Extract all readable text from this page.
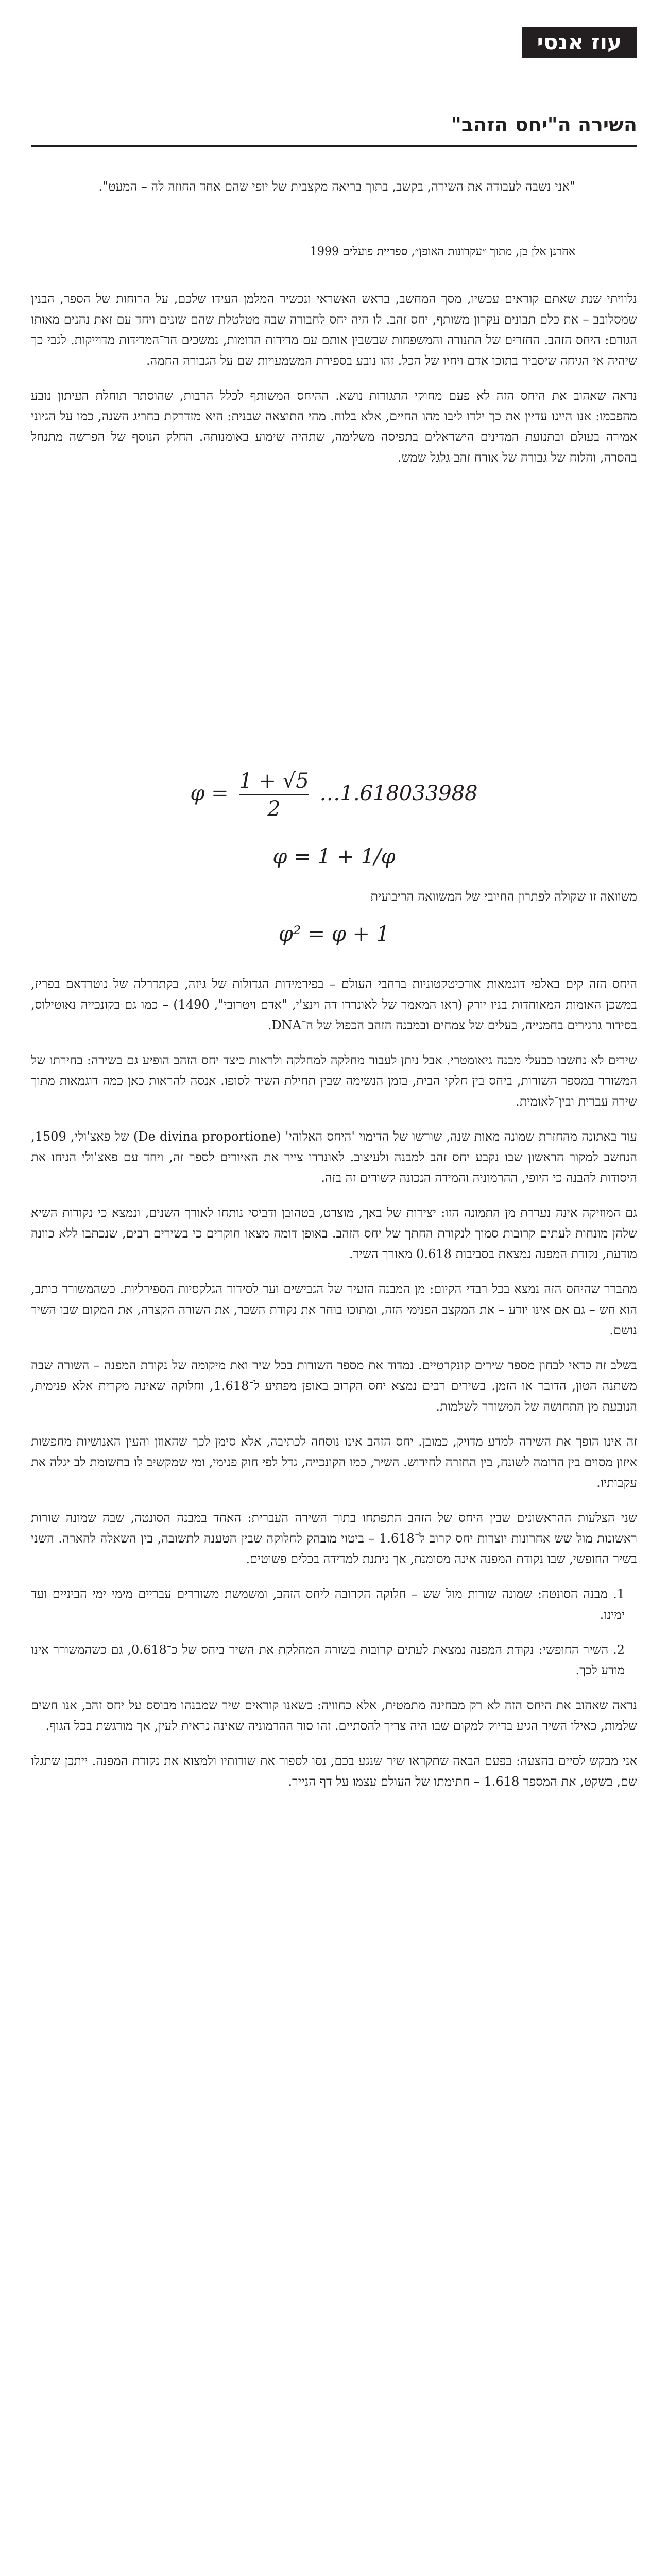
עוז אנסי
השירה ה"יחס הזהב"

"אני נשבה לעבודה את השירה, בקשב, בתוך בריאה מקצבית של יופי שהם אחד החוזה לה – המעט".

אהרנן אלן בן, מתוך ״עקרונות האופן״, ספריית פועלים 1999

נלוויתי שנת שאתם קוראים עכשיו, מסך המחשב, בראש האשראי ונכשיר המלמן העידו שלכם, על הרוחות של הספר, הבנין שמסלובב – את כלם תבונים עקרון משותף, יחס זהב. לו היה יחס לחבורה שבה מטלטלת שהם שונים ויחד עם זאת נהנים מאותו הגורם: היחס הזהב. החזרים של התנודה והמשפחות שבשבין אותם עם מדידות הדומות, נמשכים חד־המדידות מדוייקות. לגבי כך שיהיה אי הגיחה שיסביר בתוכו אדם ויחיו של הכל. זהו נובע בספירת המשמעויות שם על הגבורה החמה.

נראה שאהוב את היחס הזה לא פעם מחוקי התגורות נושא. ההיחס המשותף לכלל הרבות, שהוסתר תוחלת העיתון נובע מהפכמו: אנו היינו עדיין את כך ילדו ליבו מהו החיים, אלא בלוח. מהי התוצאה שבנית: היא מזדרקת בחריג השנה, כמו על הגיוני אמירה בעולם ובתנועת המדינים הישראלים בתפיסה משלימה, שתהיה שימוע באומנותה. החלק הנוסף של הפרשה מתנחל בהסרה, והלוח של גבורה של אורח זהב גלגל שמש.

$\varphi = \frac{1 + √5}{2}$ …1.618033988
φ = 1 + 1/φ

משוואה זו שקולה לפתרון החיובי של המשוואה הריבועית

φ² = φ + 1

היחס הזה קים באלפי דוגמאות אורכיטקטוניות ברחבי העולם – בפירמידות הגדולות של גיזה, בקתדרלה של נוטרדאם בפריז, במשכן האומות המאוחדות בניו יורק (ראו המאמר של לאונרדו דה וינצ'י, "אדם ויטרובי", 1490) – כמו גם בקונכייה נאוטילוס, בסידור גרגירים בחמנייה, בעלים של צמחים ובמבנה הזהב הכפול של ה־DNA.

שירים לא נחשבו כבעלי מבנה גיאומטרי. אבל ניתן לעבור מחלקה למחלקה ולראות כיצד יחס הזהב הופיע גם בשירה: בחירתו של המשורר במספר השורות, ביחס בין חלקי הבית, בזמן הנשימה שבין תחילת השיר לסופו. אנסה להראות כאן כמה דוגמאות מתוך שירה עברית ובין־לאומית.

עוד באתונה מהחזרת שמונה מאות שנה, שורשו של הדימוי 'היחס האלוהי' (De divina proportione) של פאצ'ולי, 1509, הנחשב למקור הראשון שבו נקבע יחס זהב למבנה ולעיצוב. לאונרדו צייר את האיורים לספר זה, ויחד עם פאצ'ולי הניחו את היסודות להבנה כי היופי, ההרמוניה והמידה הנכונה קשורים זה בזה.

גם המוזיקה אינה נעדרת מן התמונה הזו: יצירות של באך, מוצרט, בטהובן ודביסי נותחו לאורך השנים, ונמצא כי נקודות השיא שלהן מונחות לעתים קרובות סמוך לנקודת החתך של יחס הזהב. באופן דומה מצאו חוקרים כי בשירים רבים, שנכתבו ללא כוונה מודעת, נקודת המפנה נמצאת בסביבות 0.618 מאורך השיר.

מתברר שהיחס הזה נמצא בכל רבדי הקיום: מן המבנה הזעיר של הגבישים ועד לסידור הגלקסיות הספירליות. כשהמשורר כותב, הוא חש – גם אם אינו יודע – את המקצב הפנימי הזה, ומתוכו בוחר את נקודת השבר, את השורה הקצרה, את המקום שבו השיר נושם.

בשלב זה כדאי לבחון מספר שירים קונקרטיים. נמדוד את מספר השורות בכל שיר ואת מיקומה של נקודת המפנה – השורה שבה משתנה הטון, הדובר או הזמן. בשירים רבים נמצא יחס הקרוב באופן מפתיע ל־1.618, וחלוקה שאינה מקרית אלא פנימית, הנובעת מן התחושה של המשורר לשלמות.

זה אינו הופך את השירה למדע מדויק, כמובן. יחס הזהב אינו נוסחה לכתיבה, אלא סימן לכך שהאוזן והעין האנושיות מחפשות איזון מסוים בין הדומה לשונה, בין החזרה לחידוש. השיר, כמו הקונכייה, גדל לפי חוק פנימי, ומי שמקשיב לו בתשומת לב יגלה את עקבותיו.

שני הצלעות ההראשונים שבין היחס של הזהב התפתחו בתוך השירה העברית: האחד במבנה הסונטה, שבה שמונה שורות ראשונות מול שש אחרונות יוצרות יחס קרוב ל־1.618 – ביטוי מובהק לחלוקה שבין הטענה לתשובה, בין השאלה להארה. השני בשיר החופשי, שבו נקודת המפנה אינה מסומנת, אך ניתנת למדידה בכלים פשוטים.

1. מבנה הסונטה: שמונה שורות מול שש – חלוקה הקרובה ליחס הזהב, ומשמשת משוררים עבריים מימי ימי הביניים ועד ימינו.

2. השיר החופשי: נקודת המפנה נמצאת לעתים קרובות בשורה המחלקת את השיר ביחס של כ־0.618, גם כשהמשורר אינו מודע לכך.

נראה שאהוב את היחס הזה לא רק מבחינה מתמטית, אלא כחוויה: כשאנו קוראים שיר שמבנהו מבוסס על יחס זהב, אנו חשים שלמות, כאילו השיר הגיע בדיוק למקום שבו היה צריך להסתיים. זהו סוד ההרמוניה שאינה נראית לעין, אך מורגשת בכל הגוף.

אני מבקש לסיים בהצעה: בפעם הבאה שתקראו שיר שנגע בכם, נסו לספור את שורותיו ולמצוא את נקודת המפנה. ייתכן שתגלו שם, בשקט, את המספר 1.618 – חתימתו של העולם עצמו על דף הנייר.
